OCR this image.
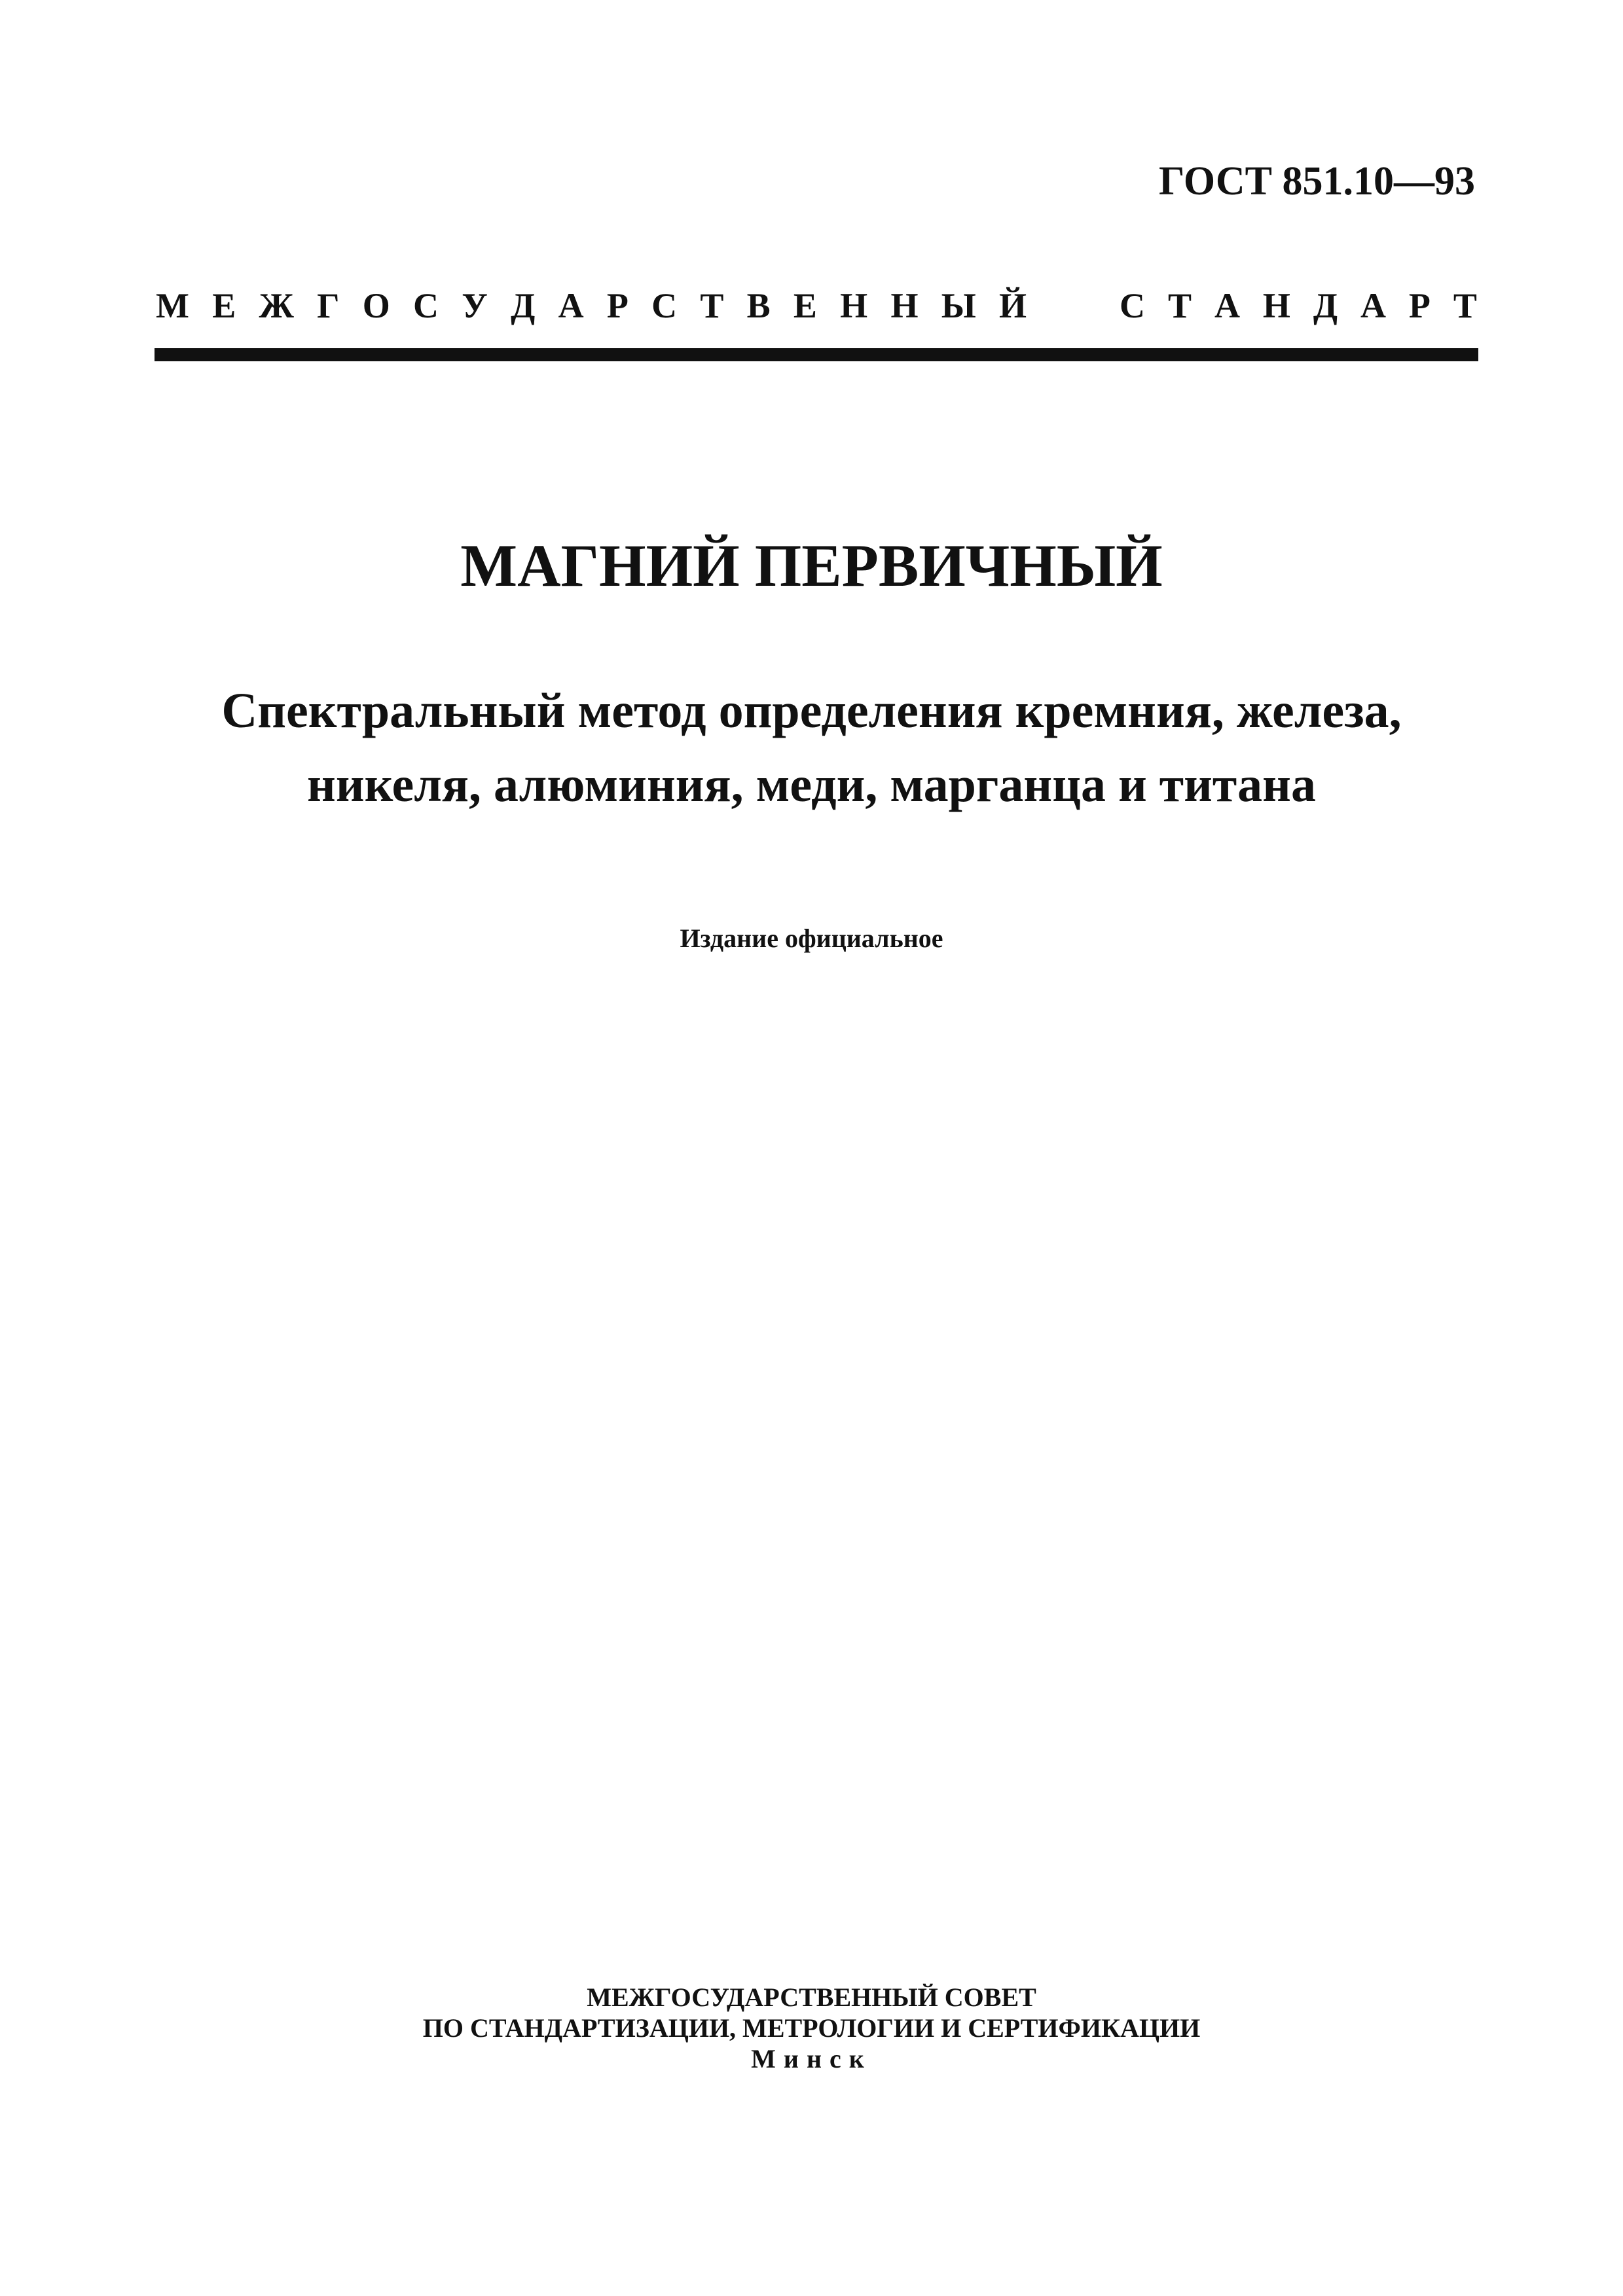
ГОСТ 851.10—93
М Е Ж Г О С У Д А Р С Т В Е Н Н Ы Й	С Т А Н Д А Р Т
МАГНИЙ ПЕРВИЧНЫЙ
Спектральный метод определения кремния, железа,
никеля, алюминия, меди, марганца и титана
Издание официальное
МЕЖГОСУДАРСТВЕННЫЙ СОВЕТ
ПО СТАНДАРТИЗАЦИИ, МЕТРОЛОГИИ И СЕРТИФИКАЦИИ
Минск
